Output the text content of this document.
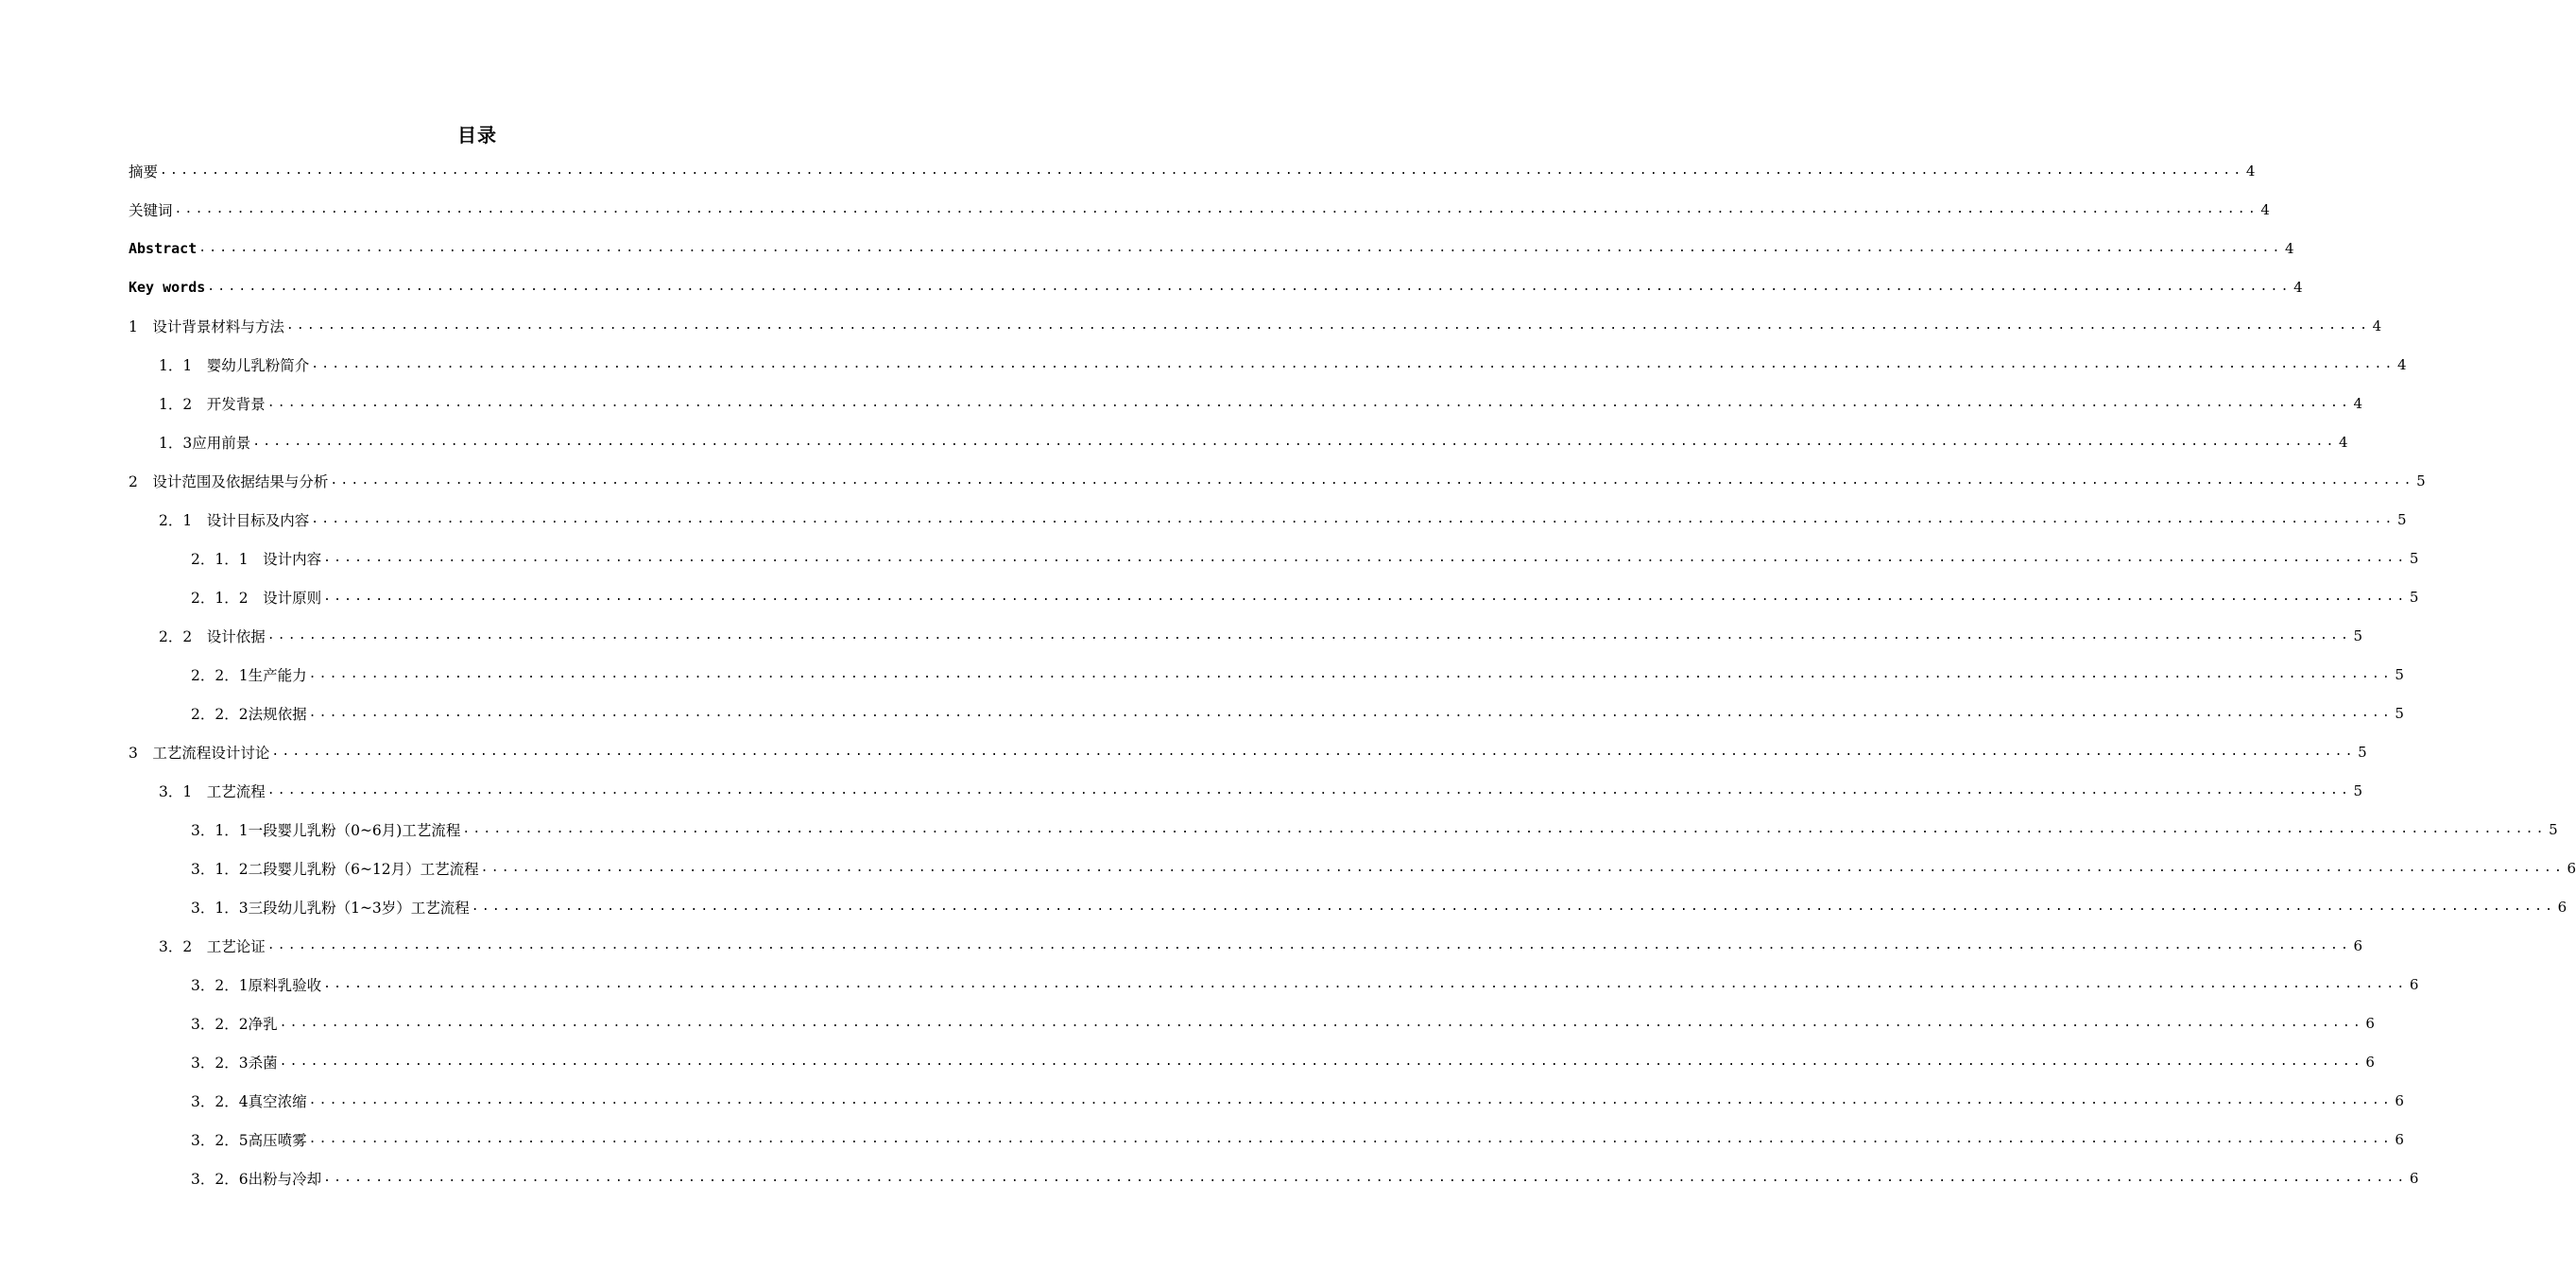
目录
摘要 ........................................................................................................................................................................................................ 4
关键词 ........................................................................................................................................................................................................ 4
Abstract ........................................................................................................................................................................................................ 4
Key words ........................................................................................................................................................................................................ 4
1　设计背景材料与方法 ........................................................................................................................................................................................................ 4
1．1　婴幼儿乳粉简介 ........................................................................................................................................................................................................ 4
1．2　开发背景 ........................................................................................................................................................................................................ 4
1．3应用前景 ........................................................................................................................................................................................................ 4
2　设计范围及依据结果与分析 ........................................................................................................................................................................................................ 5
2．1　设计目标及内容 ........................................................................................................................................................................................................ 5
2．1．1　设计内容 ........................................................................................................................................................................................................ 5
2．1．2　设计原则 ........................................................................................................................................................................................................ 5
2．2　设计依据 ........................................................................................................................................................................................................ 5
2．2．1生产能力 ........................................................................................................................................................................................................ 5
2．2．2法规依据 ........................................................................................................................................................................................................ 5
3　工艺流程设计讨论 ........................................................................................................................................................................................................ 5
3．1　工艺流程 ........................................................................................................................................................................................................ 5
3．1．1一段婴儿乳粉（0~6月)工艺流程 ........................................................................................................................................................................................................ 5
3．1．2二段婴儿乳粉（6~12月）工艺流程 ........................................................................................................................................................................................................ 6
3．1．3三段幼儿乳粉（1~3岁）工艺流程 ........................................................................................................................................................................................................ 6
3．2　工艺论证 ........................................................................................................................................................................................................ 6
3．2．1原料乳验收 ........................................................................................................................................................................................................ 6
3．2．2净乳 ........................................................................................................................................................................................................ 6
3．2．3杀菌 ........................................................................................................................................................................................................ 6
3．2．4真空浓缩 ........................................................................................................................................................................................................ 6
3．2．5高压喷雾 ........................................................................................................................................................................................................ 6
3．2．6出粉与冷却 ........................................................................................................................................................................................................ 6
